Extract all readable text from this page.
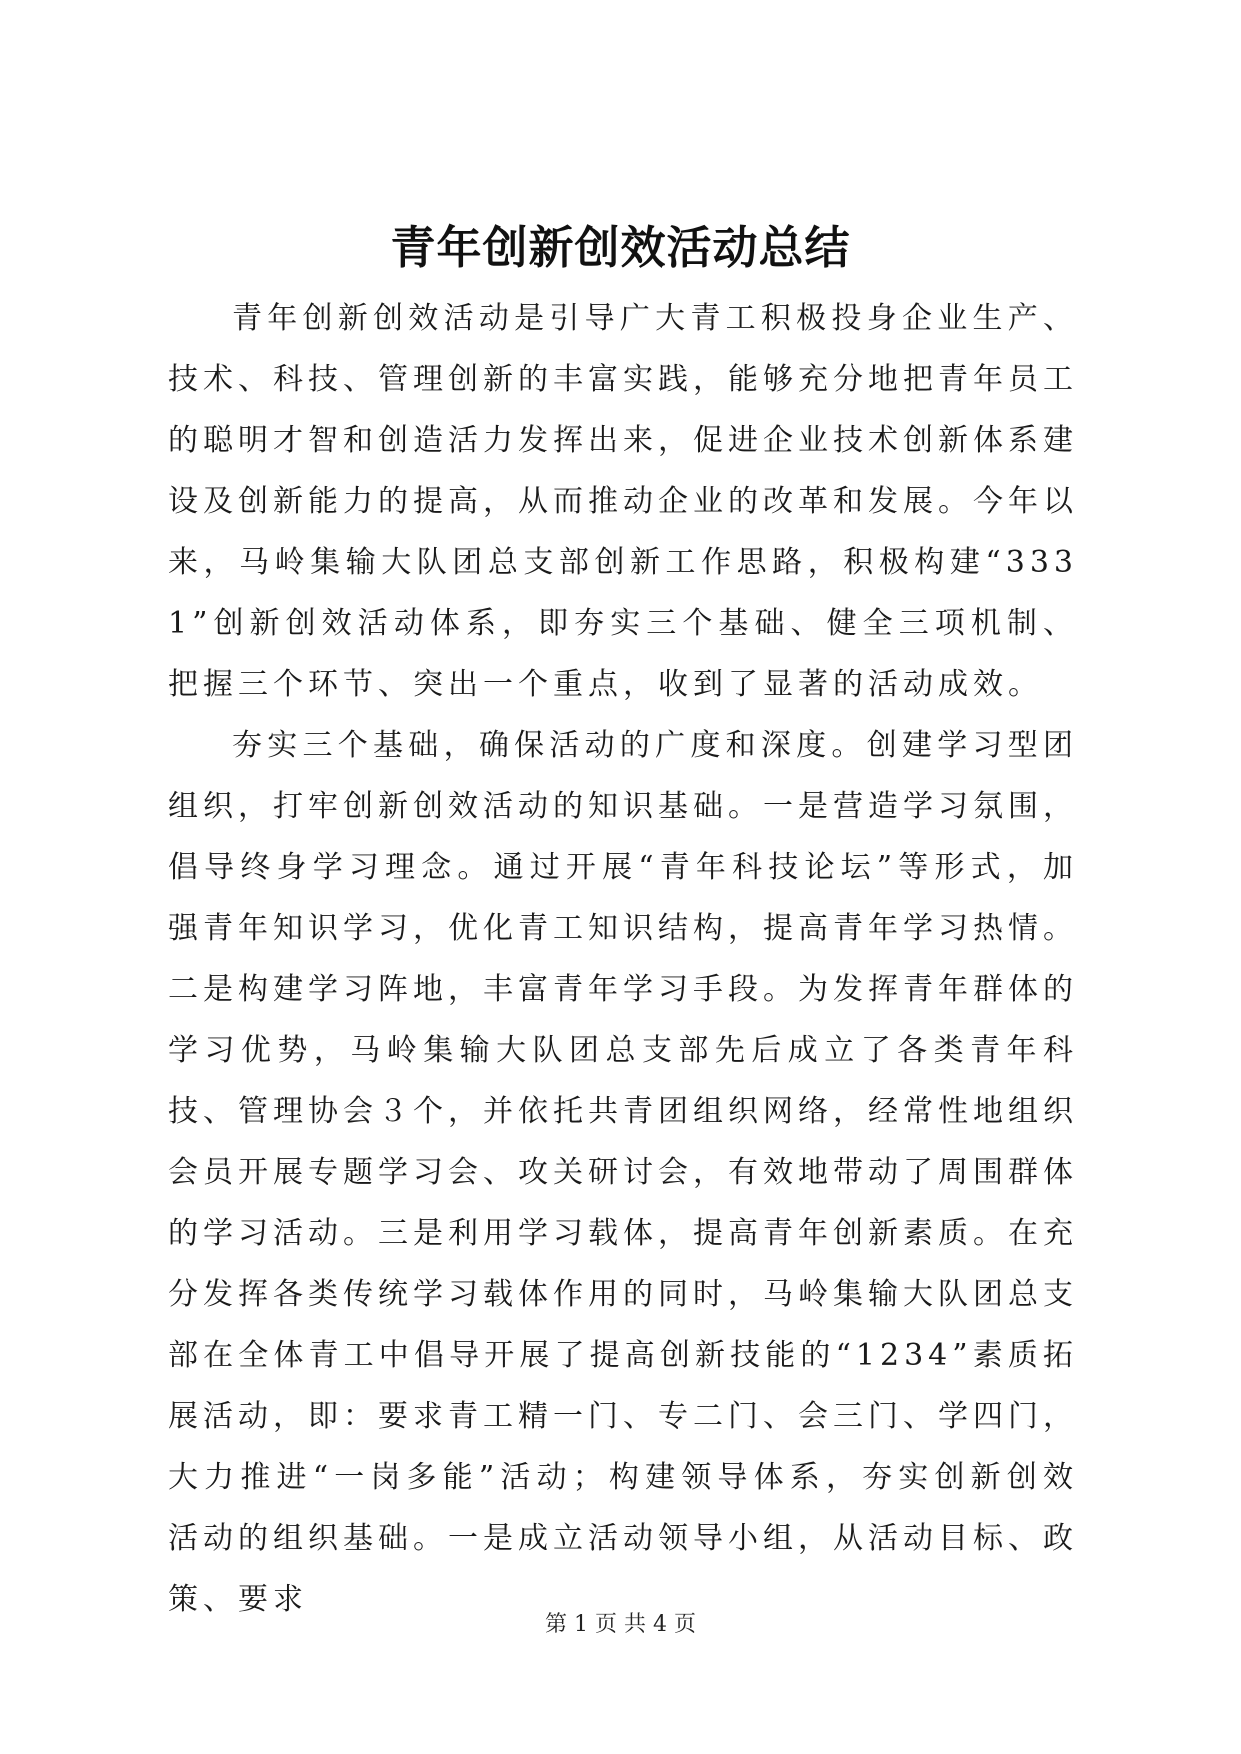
青年创新创效活动总结

青年创新创效活动是引导广大青工积极投身企业生产、技术、科技、管理创新的丰富实践，能够充分地把青年员工的聪明才智和创造活力发挥出来，促进企业技术创新体系建设及创新能力的提高，从而推动企业的改革和发展。今年以来，马岭集输大队团总支部创新工作思路，积极构建“3331”创新创效活动体系，即夯实三个基础、健全三项机制、把握三个环节、突出一个重点，收到了显著的活动成效。

夯实三个基础，确保活动的广度和深度。创建学习型团组织，打牢创新创效活动的知识基础。一是营造学习氛围，倡导终身学习理念。通过开展“青年科技论坛”等形式，加强青年知识学习，优化青工知识结构，提高青年学习热情。二是构建学习阵地，丰富青年学习手段。为发挥青年群体的学习优势，马岭集输大队团总支部先后成立了各类青年科技、管理协会３个，并依托共青团组织网络，经常性地组织会员开展专题学习会、攻关研讨会，有效地带动了周围群体的学习活动。三是利用学习载体，提高青年创新素质。在充分发挥各类传统学习载体作用的同时，马岭集输大队团总支部在全体青工中倡导开展了提高创新技能的“1234”素质拓展活动，即：要求青工精一门、专二门、会三门、学四门，大力推进“一岗多能”活动；构建领导体系，夯实创新创效活动的组织基础。一是成立活动领导小组，从活动目标、政策、要求

第 1 页 共 4 页
